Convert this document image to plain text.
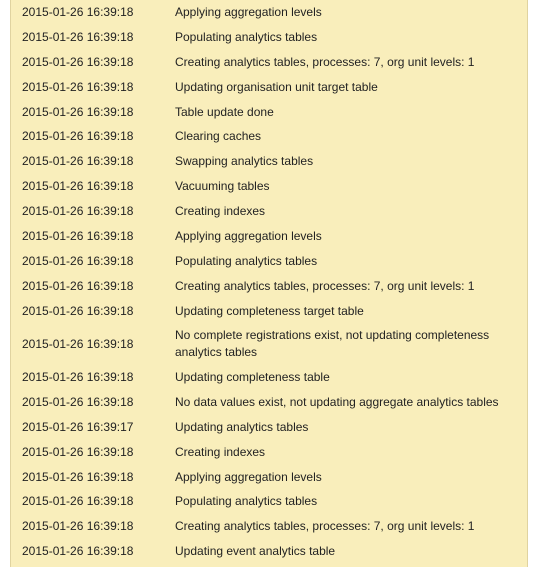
2015-01-26 16:39:18	Applying aggregation levels
2015-01-26 16:39:18	Populating analytics tables
2015-01-26 16:39:18	Creating analytics tables, processes: 7, org unit levels: 1
2015-01-26 16:39:18	Updating organisation unit target table
2015-01-26 16:39:18	Table update done
2015-01-26 16:39:18	Clearing caches
2015-01-26 16:39:18	Swapping analytics tables
2015-01-26 16:39:18	Vacuuming tables
2015-01-26 16:39:18	Creating indexes
2015-01-26 16:39:18	Applying aggregation levels
2015-01-26 16:39:18	Populating analytics tables
2015-01-26 16:39:18	Creating analytics tables, processes: 7, org unit levels: 1
2015-01-26 16:39:18	Updating completeness target table
2015-01-26 16:39:18	No complete registrations exist, not updating completeness analytics tables
2015-01-26 16:39:18	Updating completeness table
2015-01-26 16:39:18	No data values exist, not updating aggregate analytics tables
2015-01-26 16:39:17	Updating analytics tables
2015-01-26 16:39:18	Creating indexes
2015-01-26 16:39:18	Applying aggregation levels
2015-01-26 16:39:18	Populating analytics tables
2015-01-26 16:39:18	Creating analytics tables, processes: 7, org unit levels: 1
2015-01-26 16:39:18	Updating event analytics table
